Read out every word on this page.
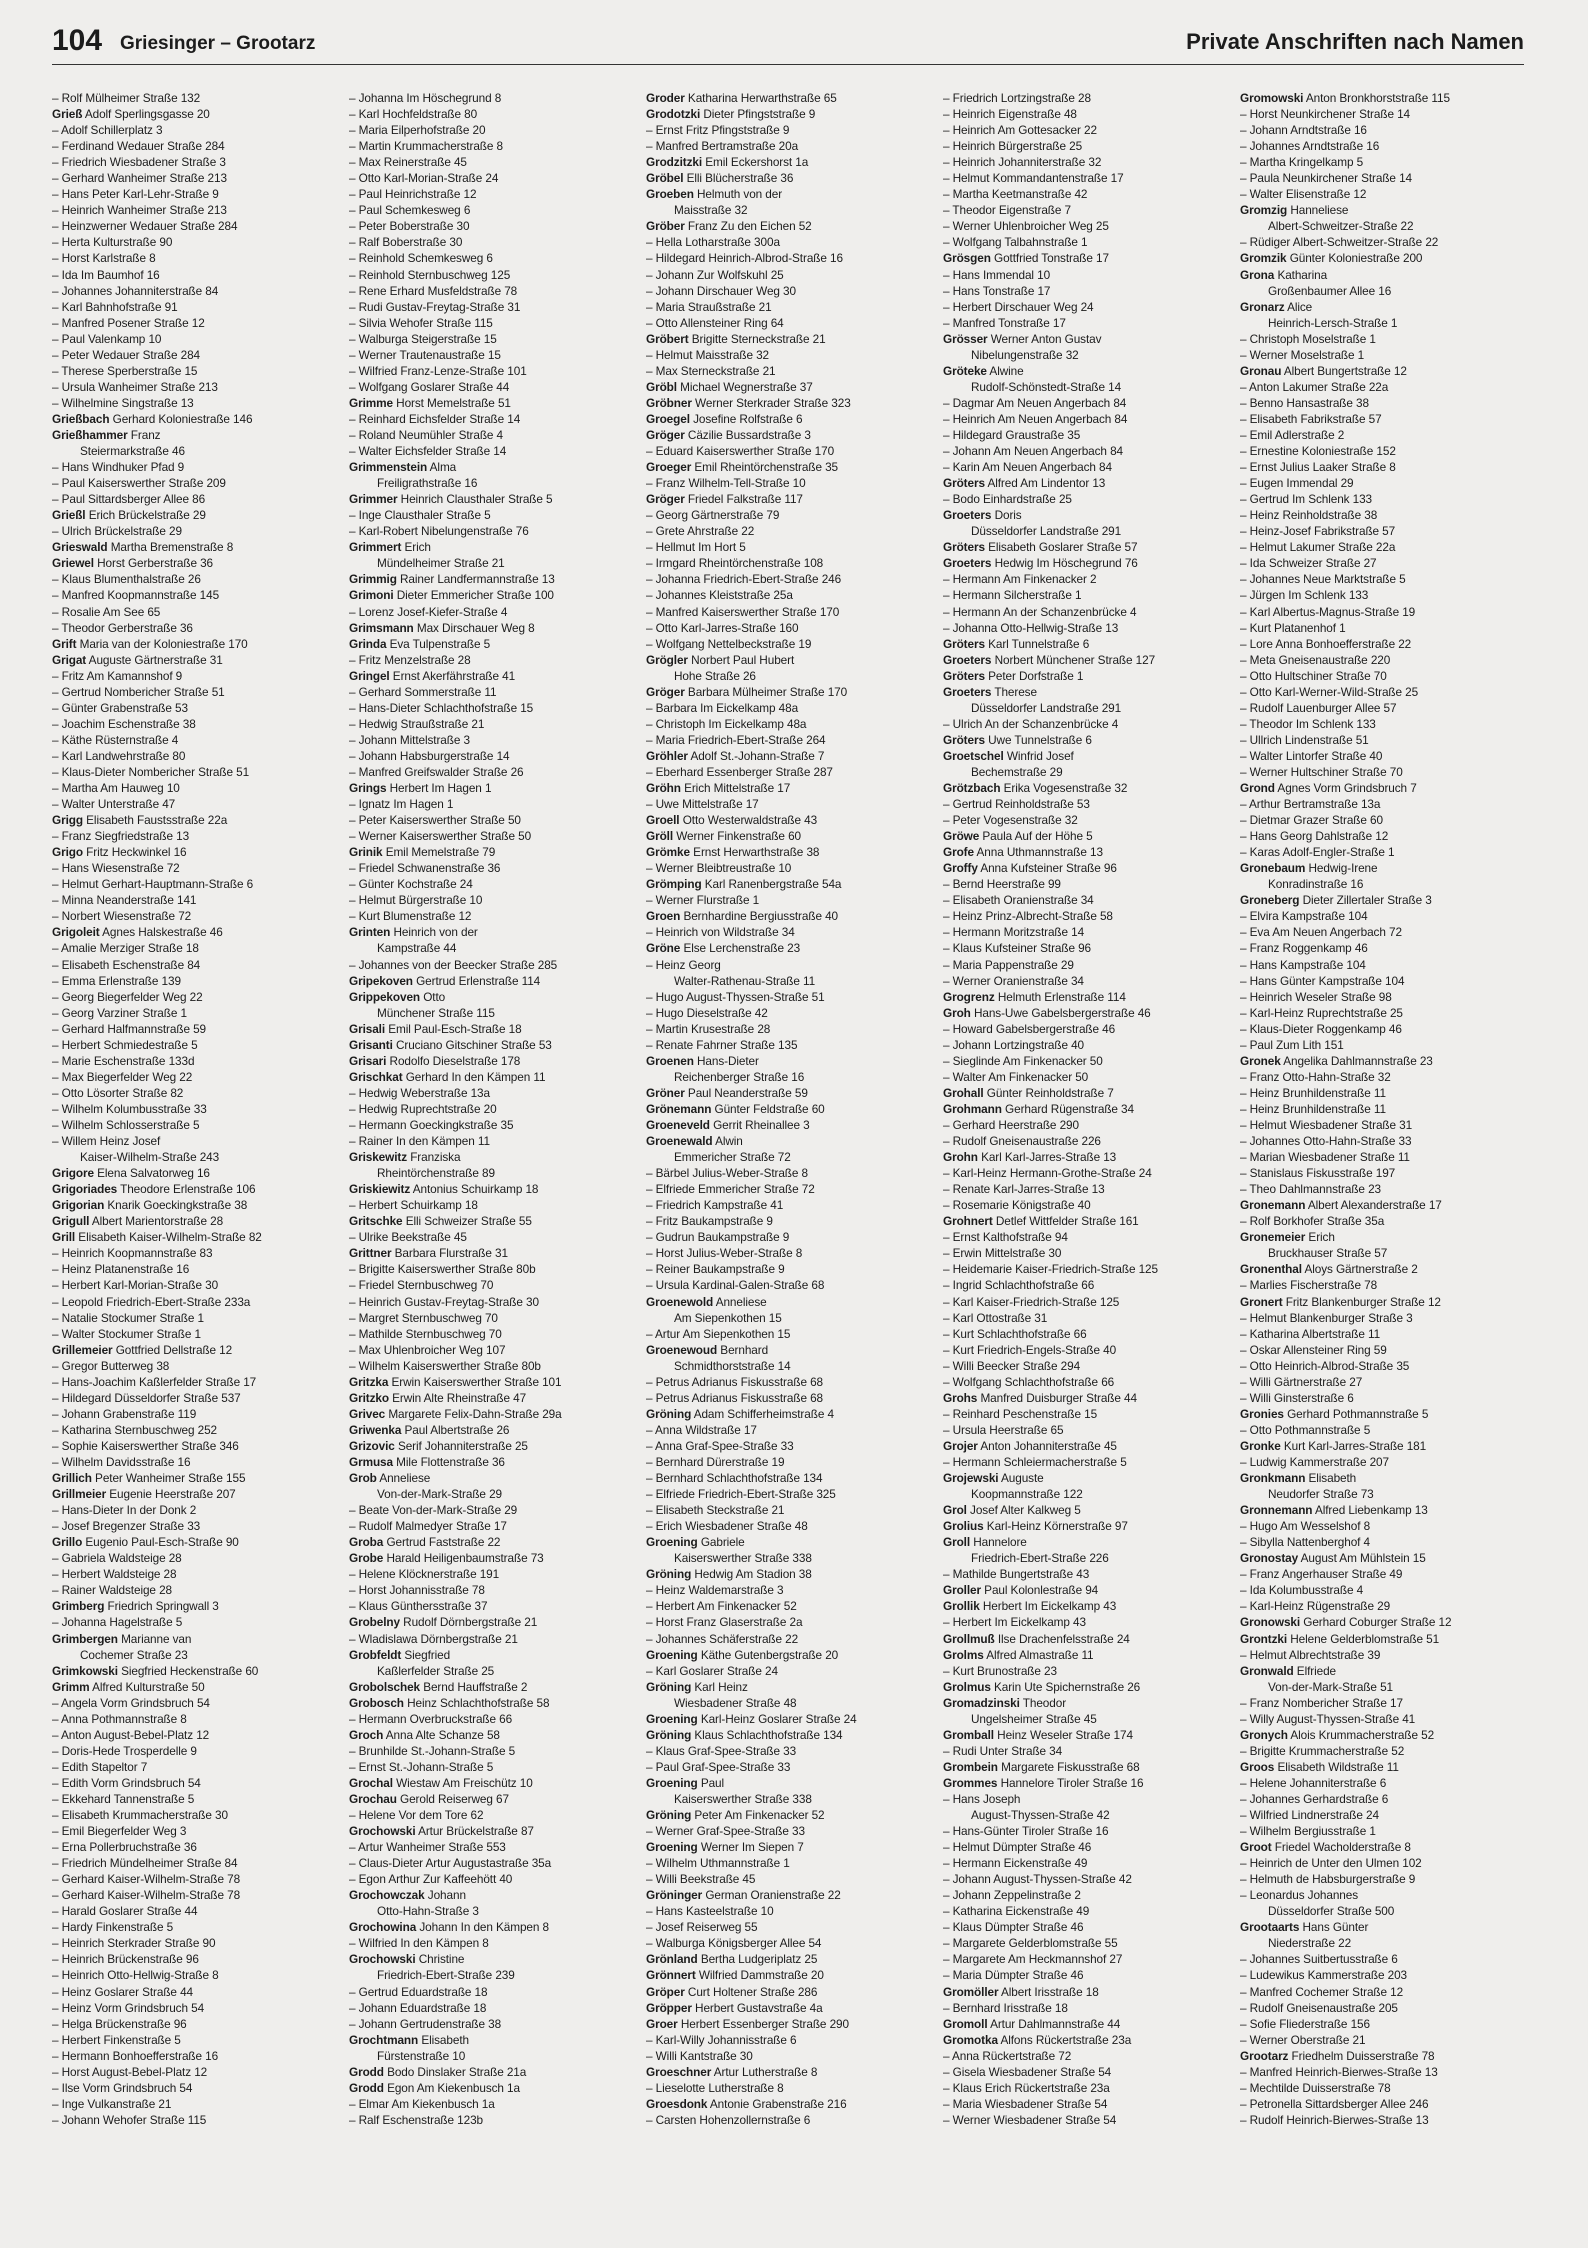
104 Griesinger – Grootarz	Private Anschriften nach Namen
– Rolf Mülheimer Straße 132
Grieß Adolf Sperlingsgasse 20
– Adolf Schillerplatz 3
– Ferdinand Wedauer Straße 284
– Friedrich Wiesbadener Straße 3
– Gerhard Wanheimer Straße 213
– Hans Peter Karl-Lehr-Straße 9
– Heinrich Wanheimer Straße 213
– Heinzwerner Wedauer Straße 284
– Herta Kulturstraße 90
– Horst Karlstraße 8
– Ida Im Baumhof 16
– Johannes Johanniterstraße 84
– Karl Bahnhofstraße 91
– Manfred Posener Straße 12
– Paul Valenkamp 10
– Peter Wedauer Straße 284
– Therese Sperberstraße 15
– Ursula Wanheimer Straße 213
– Wilhelmine Singstraße 13
Grießbach Gerhard Koloniestraße 146
Grießhammer Franz
Steiermarkstraße 46
– Hans Windhuker Pfad 9
– Paul Kaiserswerther Straße 209
– Paul Sittardsberger Allee 86
Grießl Erich Brückelstraße 29
– Ulrich Brückelstraße 29
Grieswald Martha Bremenstraße 8
Griewel Horst Gerberstraße 36
– Klaus Blumenthalstraße 26
– Manfred Koopmannstraße 145
– Rosalie Am See 65
– Theodor Gerberstraße 36
Grift Maria van der Koloniestraße 170
Grigat Auguste Gärtnerstraße 31
– Fritz Am Kamannshof 9
– Gertrud Nombericher Straße 51
– Günter Grabenstraße 53
– Joachim Eschenstraße 38
– Käthe Rüsternstraße 4
– Karl Landwehrstraße 80
– Klaus-Dieter Nombericher Straße 51
– Martha Am Hauweg 10
– Walter Unterstraße 47
Grigg Elisabeth Faustsstraße 22a
– Franz Siegfriedstraße 13
Grigo Fritz Heckwinkel 16
– Hans Wiesenstraße 72
– Helmut Gerhart-Hauptmann-Straße 6
– Minna Neanderstraße 141
– Norbert Wiesenstraße 72
Grigoleit Agnes Halskestraße 46
– Amalie Merziger Straße 18
– Elisabeth Eschenstraße 84
– Emma Erlenstraße 139
– Georg Biegerfelder Weg 22
– Georg Varziner Straße 1
– Gerhard Halfmannstraße 59
– Herbert Schmiedestraße 5
– Marie Eschenstraße 133d
– Max Biegerfelder Weg 22
– Otto Lösorter Straße 82
– Wilhelm Kolumbusstraße 33
– Wilhelm Schlosserstraße 5
– Willem Heinz Josef
Kaiser-Wilhelm-Straße 243
Grigore Elena Salvatorweg 16
Grigoriades Theodore Erlenstraße 106
Grigorian Knarik Goeckingkstraße 38
Grigull Albert Marientorstraße 28
Grill Elisabeth Kaiser-Wilhelm-Straße 82
– Heinrich Koopmannstraße 83
– Heinz Platanenstraße 16
– Herbert Karl-Morian-Straße 30
– Leopold Friedrich-Ebert-Straße 233a
– Natalie Stockumer Straße 1
– Walter Stockumer Straße 1
Grillemeier Gottfried Dellstraße 12
– Gregor Butterweg 38
– Hans-Joachim Kaßlerfelder Straße 17
– Hildegard Düsseldorfer Straße 537
– Johann Grabenstraße 119
– Katharina Sternbuschweg 252
– Sophie Kaiserswerther Straße 346
– Wilhelm Davidsstraße 16
Grillich Peter Wanheimer Straße 155
Grillmeier Eugenie Heerstraße 207
– Hans-Dieter In der Donk 2
– Josef Bregenzer Straße 33
Grillo Eugenio Paul-Esch-Straße 90
– Gabriela Waldsteige 28
– Herbert Waldsteige 28
– Rainer Waldsteige 28
Grimberg Friedrich Springwall 3
– Johanna Hagelstraße 5
Grimbergen Marianne van
Cochemer Straße 23
Grimkowski Siegfried Heckenstraße 60
Grimm Alfred Kulturstraße 50
– Angela Vorm Grindsbruch 54
– Anna Pothmannstraße 8
– Anton August-Bebel-Platz 12
– Doris-Hede Trosperdelle 9
– Edith Stapeltor 7
– Edith Vorm Grindsbruch 54
– Ekkehard Tannenstraße 5
– Elisabeth Krummacherstraße 30
– Emil Biegerfelder Weg 3
– Erna Pollerbruchstraße 36
– Friedrich Mündelheimer Straße 84
– Gerhard Kaiser-Wilhelm-Straße 78
– Gerhard Kaiser-Wilhelm-Straße 78
– Harald Goslarer Straße 44
– Hardy Finkenstraße 5
– Heinrich Sterkrader Straße 90
– Heinrich Brückenstraße 96
– Heinrich Otto-Hellwig-Straße 8
– Heinz Goslarer Straße 44
– Heinz Vorm Grindsbruch 54
– Helga Brückenstraße 96
– Herbert Finkenstraße 5
– Hermann Bonhoefferstraße 16
– Horst August-Bebel-Platz 12
– Ilse Vorm Grindsbruch 54
– Inge Vulkanstraße 21
– Johann Wehofer Straße 115
– Johanna Im Höschegrund 8
– Karl Hochfeldstraße 80
– Maria Eilperhofstraße 20
– Martin Krummacherstraße 8
– Max Reinerstraße 45
– Otto Karl-Morian-Straße 24
– Paul Heinrichstraße 12
– Paul Schemkesweg 6
– Peter Boberstraße 30
– Ralf Boberstraße 30
– Reinhold Schemkesweg 6
– Reinhold Sternbuschweg 125
– Rene Erhard Musfeldstraße 78
– Rudi Gustav-Freytag-Straße 31
– Silvia Wehofer Straße 115
– Walburga Steigerstraße 15
– Werner Trautenaustraße 15
– Wilfried Franz-Lenze-Straße 101
– Wolfgang Goslarer Straße 44
Grimme Horst Memelstraße 51
– Reinhard Eichsfelder Straße 14
– Roland Neumühler Straße 4
– Walter Eichsfelder Straße 14
Grimmenstein Alma
Freiligrathstraße 16
Grimmer Heinrich Clausthaler Straße 5
– Inge Clausthaler Straße 5
– Karl-Robert Nibelungenstraße 76
Grimmert Erich
Mündelheimer Straße 21
Grimmig Rainer Landfermannstraße 13
Grimoni Dieter Emmericher Straße 100
– Lorenz Josef-Kiefer-Straße 4
Grimsmann Max Dirschauer Weg 8
Grinda Eva Tulpenstraße 5
– Fritz Menzelstraße 28
Gringel Ernst Akerfährstraße 41
– Gerhard Sommerstraße 11
– Hans-Dieter Schlachthofstraße 15
– Hedwig Straußstraße 21
– Johann Mittelstraße 3
– Johann Habsburgerstraße 14
– Manfred Greifswalder Straße 26
Grings Herbert Im Hagen 1
– Ignatz Im Hagen 1
– Peter Kaiserswerther Straße 50
– Werner Kaiserswerther Straße 50
Grinik Emil Memelstraße 79
– Friedel Schwanenstraße 36
– Günter Kochstraße 24
– Helmut Bürgerstraße 10
– Kurt Blumenstraße 12
Grinten Heinrich von der
Kampstraße 44
– Johannes von der Beecker Straße 285
Gripekoven Gertrud Erlenstraße 114
Grippekoven Otto
Münchener Straße 115
Grisali Emil Paul-Esch-Straße 18
Grisanti Cruciano Gitschiner Straße 53
Grisari Rodolfo Dieselstraße 178
Grischkat Gerhard In den Kämpen 11
– Hedwig Weberstraße 13a
– Hedwig Ruprechtstraße 20
– Hermann Goeckingkstraße 35
– Rainer In den Kämpen 11
Griskewitz Franziska
Rheintörchenstraße 89
Griskiewitz Antonius Schuirkamp 18
– Herbert Schuirkamp 18
Gritschke Elli Schweizer Straße 55
– Ulrike Beekstraße 45
Grittner Barbara Flurstraße 31
– Brigitte Kaiserswerther Straße 80b
– Friedel Sternbuschweg 70
– Heinrich Gustav-Freytag-Straße 30
– Margret Sternbuschweg 70
– Mathilde Sternbuschweg 70
– Max Uhlenbroicher Weg 107
– Wilhelm Kaiserswerther Straße 80b
Gritzka Erwin Kaiserswerther Straße 101
Gritzko Erwin Alte Rheinstraße 47
Grivec Margarete Felix-Dahn-Straße 29a
Griwenka Paul Albertstraße 26
Grizovic Serif Johanniterstraße 25
Grmusa Mile Flottenstraße 36
Grob Anneliese
Von-der-Mark-Straße 29
– Beate Von-der-Mark-Straße 29
– Rudolf Malmedyer Straße 17
Groba Gertrud Faststraße 22
Grobe Harald Heiligenbaumstraße 73
– Helene Klöcknerstraße 191
– Horst Johannisstraße 78
– Klaus Günthersstraße 37
Grobelny Rudolf Dörnbergstraße 21
– Wladislawa Dörnbergstraße 21
Grobfeldt Siegfried
Kaßlerfelder Straße 25
Grobolschek Bernd Hauffstraße 2
Grobosch Heinz Schlachthofstraße 58
– Hermann Overbruckstraße 66
Groch Anna Alte Schanze 58
– Brunhilde St.-Johann-Straße 5
– Ernst St.-Johann-Straße 5
Grochal Wiestaw Am Freischütz 10
Grochau Gerold Reiserweg 67
– Helene Vor dem Tore 62
Grochowski Artur Brückelstraße 87
– Artur Wanheimer Straße 553
– Claus-Dieter Artur Augustastraße 35a
– Egon Arthur Zur Kaffeehött 40
Grochowczak Johann
Otto-Hahn-Straße 3
Grochowina Johann In den Kämpen 8
– Wilfried In den Kämpen 8
Grochowski Christine
Friedrich-Ebert-Straße 239
– Gertrud Eduardstraße 18
– Johann Eduardstraße 18
– Johann Gertrudenstraße 38
Grochtmann Elisabeth
Fürstenstraße 10
Grodd Bodo Dinslaker Straße 21a
Grodd Egon Am Kiekenbusch 1a
– Elmar Am Kiekenbusch 1a
– Ralf Eschenstraße 123b
Groder Katharina Herwarthstraße 65
Grodotzki Dieter Pfingststraße 9
– Ernst Fritz Pfingststraße 9
– Manfred Bertramstraße 20a
Grodzitzki Emil Eckershorst 1a
Gröbel Elli Blücherstraße 36
Groeben Helmuth von der
Maisstraße 32
Gröber Franz Zu den Eichen 52
– Hella Lotharstraße 300a
– Hildegard Heinrich-Albrod-Straße 16
– Johann Zur Wolfskuhl 25
– Johann Dirschauer Weg 30
– Maria Straußstraße 21
– Otto Allensteiner Ring 64
Gröbert Brigitte Sterneckstraße 21
– Helmut Maisstraße 32
– Max Sterneckstraße 21
Gröbl Michael Wegnerstraße 37
Gröbner Werner Sterkrader Straße 323
Groegel Josefine Rolfstraße 6
Gröger Cäzilie Bussardstraße 3
– Eduard Kaiserswerther Straße 170
Groeger Emil Rheintörchenstraße 35
– Franz Wilhelm-Tell-Straße 10
Gröger Friedel Falkstraße 117
– Georg Gärtnerstraße 79
– Grete Ahrstraße 22
– Hellmut Im Hort 5
– Irmgard Rheintörchenstraße 108
– Johanna Friedrich-Ebert-Straße 246
– Johannes Kleiststraße 25a
– Manfred Kaiserswerther Straße 170
– Otto Karl-Jarres-Straße 160
– Wolfgang Nettelbeckstraße 19
Grögler Norbert Paul Hubert
Hohe Straße 26
Gröger Barbara Mülheimer Straße 170
– Barbara Im Eickelkamp 48a
– Christoph Im Eickelkamp 48a
– Maria Friedrich-Ebert-Straße 264
Gröhler Adolf St.-Johann-Straße 7
– Eberhard Essenberger Straße 287
Gröhn Erich Mittelstraße 17
– Uwe Mittelstraße 17
Groell Otto Westerwaldstraße 43
Gröll Werner Finkenstraße 60
Grömke Ernst Herwarthstraße 38
– Werner Bleibtreustraße 10
Grömping Karl Ranenbergstraße 54a
– Werner Flurstraße 1
Groen Bernhardine Bergiusstraße 40
– Heinrich von Wildstraße 34
Gröne Else Lerchenstraße 23
– Heinz Georg
Walter-Rathenau-Straße 11
– Hugo August-Thyssen-Straße 51
– Hugo Dieselstraße 42
– Martin Krusestraße 28
– Renate Fahrner Straße 135
Groenen Hans-Dieter
Reichenberger Straße 16
Gröner Paul Neanderstraße 59
Grönemann Günter Feldstraße 60
Groeneveld Gerrit Rheinallee 3
Groenewald Alwin
Emmericher Straße 72
– Bärbel Julius-Weber-Straße 8
– Elfriede Emmericher Straße 72
– Friedrich Kampstraße 41
– Fritz Baukampstraße 9
– Gudrun Baukampstraße 9
– Horst Julius-Weber-Straße 8
– Reiner Baukampstraße 9
– Ursula Kardinal-Galen-Straße 68
Groenewold Anneliese
Am Siepenkothen 15
– Artur Am Siepenkothen 15
Groenewoud Bernhard
Schmidthorststraße 14
– Petrus Adrianus Fiskusstraße 68
– Petrus Adrianus Fiskusstraße 68
Gröning Adam Schifferheimstraße 4
– Anna Wildstraße 17
– Anna Graf-Spee-Straße 33
– Bernhard Dürerstraße 19
– Bernhard Schlachthofstraße 134
– Elfriede Friedrich-Ebert-Straße 325
– Elisabeth Steckstraße 21
– Erich Wiesbadener Straße 48
Groening Gabriele
Kaiserswerther Straße 338
Gröning Hedwig Am Stadion 38
– Heinz Waldemarstraße 3
– Herbert Am Finkenacker 52
– Horst Franz Glaserstraße 2a
– Johannes Schäferstraße 22
Groening Käthe Gutenbergstraße 20
– Karl Goslarer Straße 24
Gröning Karl Heinz
Wiesbadener Straße 48
Groening Karl-Heinz Goslarer Straße 24
Gröning Klaus Schlachthofstraße 134
– Klaus Graf-Spee-Straße 33
– Paul Graf-Spee-Straße 33
Groening Paul
Kaiserswerther Straße 338
Gröning Peter Am Finkenacker 52
– Werner Graf-Spee-Straße 33
Groening Werner Im Siepen 7
– Wilhelm Uthmannstraße 1
– Willi Beekstraße 45
Gröninger German Oranienstraße 22
– Hans Kasteelstraße 10
– Josef Reiserweg 55
– Walburga Königsberger Allee 54
Grönland Bertha Ludgeriplatz 25
Grönnert Wilfried Dammstraße 20
Gröper Curt Holtener Straße 286
Gröpper Herbert Gustavstraße 4a
Groer Herbert Essenberger Straße 290
– Karl-Willy Johannisstraße 6
– Willi Kantstraße 30
Groeschner Artur Lutherstraße 8
– Lieselotte Lutherstraße 8
Groesdonk Antonie Grabenstraße 216
– Carsten Hohenzollernstraße 6
– Friedrich Lortzingstraße 28
– Heinrich Eigenstraße 48
– Heinrich Am Gottesacker 22
– Heinrich Bürgerstraße 25
– Heinrich Johanniterstraße 32
– Helmut Kommandantenstraße 17
– Martha Keetmanstraße 42
– Theodor Eigenstraße 7
– Werner Uhlenbroicher Weg 25
– Wolfgang Talbahnstraße 1
Grösgen Gottfried Tonstraße 17
– Hans Immendal 10
– Hans Tonstraße 17
– Herbert Dirschauer Weg 24
– Manfred Tonstraße 17
Grösser Werner Anton Gustav
Nibelungenstraße 32
Gröteke Alwine
Rudolf-Schönstedt-Straße 14
– Dagmar Am Neuen Angerbach 84
– Heinrich Am Neuen Angerbach 84
– Hildegard Graustraße 35
– Johann Am Neuen Angerbach 84
– Karin Am Neuen Angerbach 84
Gröters Alfred Am Lindentor 13
– Bodo Einhardstraße 25
Groeters Doris
Düsseldorfer Landstraße 291
Gröters Elisabeth Goslarer Straße 57
Groeters Hedwig Im Höschegrund 76
– Hermann Am Finkenacker 2
– Hermann Silcherstraße 1
– Hermann An der Schanzenbrücke 4
– Johanna Otto-Hellwig-Straße 13
Gröters Karl Tunnelstraße 6
Groeters Norbert Münchener Straße 127
Gröters Peter Dorfstraße 1
Groeters Therese
Düsseldorfer Landstraße 291
– Ulrich An der Schanzenbrücke 4
Gröters Uwe Tunnelstraße 6
Groetschel Winfrid Josef
Bechemstraße 29
Grötzbach Erika Vogesenstraße 32
– Gertrud Reinholdstraße 53
– Peter Vogesenstraße 32
Gröwe Paula Auf der Höhe 5
Grofe Anna Uthmannstraße 13
Groffy Anna Kufsteiner Straße 96
– Bernd Heerstraße 99
– Elisabeth Oranienstraße 34
– Heinz Prinz-Albrecht-Straße 58
– Hermann Moritzstraße 14
– Klaus Kufsteiner Straße 96
– Maria Pappenstraße 29
– Werner Oranienstraße 34
Grogrenz Helmuth Erlenstraße 114
Groh Hans-Uwe Gabelsbergerstraße 46
– Howard Gabelsbergerstraße 46
– Johann Lortzingstraße 40
– Sieglinde Am Finkenacker 50
– Walter Am Finkenacker 50
Grohall Günter Reinholdstraße 7
Grohmann Gerhard Rügenstraße 34
– Gerhard Heerstraße 290
– Rudolf Gneisenaustraße 226
Grohn Karl Karl-Jarres-Straße 13
– Karl-Heinz Hermann-Grothe-Straße 24
– Renate Karl-Jarres-Straße 13
– Rosemarie Königstraße 40
Grohnert Detlef Wittfelder Straße 161
– Ernst Kalthofstraße 94
– Erwin Mittelstraße 30
– Heidemarie Kaiser-Friedrich-Straße 125
– Ingrid Schlachthofstraße 66
– Karl Kaiser-Friedrich-Straße 125
– Karl Ottostraße 31
– Kurt Schlachthofstraße 66
– Kurt Friedrich-Engels-Straße 40
– Willi Beecker Straße 294
– Wolfgang Schlachthofstraße 66
Grohs Manfred Duisburger Straße 44
– Reinhard Peschenstraße 15
– Ursula Heerstraße 65
Grojer Anton Johanniterstraße 45
– Hermann Schleiermacherstraße 5
Grojewski Auguste
Koopmannstraße 122
Grol Josef Alter Kalkweg 5
Grolius Karl-Heinz Körnerstraße 97
Groll Hannelore
Friedrich-Ebert-Straße 226
– Mathilde Bungertstraße 43
Groller Paul Kolonlestraße 94
Grollik Herbert Im Eickelkamp 43
– Herbert Im Eickelkamp 43
Grollmuß Ilse Drachenfelsstraße 24
Grolms Alfred Almastraße 11
– Kurt Brunostraße 23
Grolmus Karin Ute Spichernstraße 26
Gromadzinski Theodor
Ungelsheimer Straße 45
Gromball Heinz Weseler Straße 174
– Rudi Unter Straße 34
Grombein Margarete Fiskusstraße 68
Grommes Hannelore Tiroler Straße 16
– Hans Joseph
August-Thyssen-Straße 42
– Hans-Günter Tiroler Straße 16
– Helmut Dümpter Straße 46
– Hermann Eickenstraße 49
– Johann August-Thyssen-Straße 42
– Johann Zeppelinstraße 2
– Katharina Eickenstraße 49
– Klaus Dümpter Straße 46
– Margarete Gelderblomstraße 55
– Margarete Am Heckmannshof 27
– Maria Dümpter Straße 46
Gromöller Albert Irisstraße 18
– Bernhard Irisstraße 18
Gromoll Artur Dahlmannstraße 44
Gromotka Alfons Rückertstraße 23a
– Anna Rückertstraße 72
– Gisela Wiesbadener Straße 54
– Klaus Erich Rückertstraße 23a
– Maria Wiesbadener Straße 54
– Werner Wiesbadener Straße 54
Gromowski Anton Bronkhorststraße 115
– Horst Neunkirchener Straße 14
– Johann Arndtstraße 16
– Johannes Arndtstraße 16
– Martha Kringelkamp 5
– Paula Neunkirchener Straße 14
– Walter Elisenstraße 12
Gromzig Hanneliese
Albert-Schweitzer-Straße 22
– Rüdiger Albert-Schweitzer-Straße 22
Gromzik Günter Koloniestraße 200
Grona Katharina
Großenbaumer Allee 16
Gronarz Alice
Heinrich-Lersch-Straße 1
– Christoph Moselstraße 1
– Werner Moselstraße 1
Gronau Albert Bungertstraße 12
– Anton Lakumer Straße 22a
– Benno Hansastraße 38
– Elisabeth Fabrikstraße 57
– Emil Adlerstraße 2
– Ernestine Koloniestraße 152
– Ernst Julius Laaker Straße 8
– Eugen Immendal 29
– Gertrud Im Schlenk 133
– Heinz Reinholdstraße 38
– Heinz-Josef Fabrikstraße 57
– Helmut Lakumer Straße 22a
– Ida Schweizer Straße 27
– Johannes Neue Marktstraße 5
– Jürgen Im Schlenk 133
– Karl Albertus-Magnus-Straße 19
– Kurt Platanenhof 1
– Lore Anna Bonhoefferstraße 22
– Meta Gneisenaustraße 220
– Otto Hultschiner Straße 70
– Otto Karl-Werner-Wild-Straße 25
– Rudolf Lauenburger Allee 57
– Theodor Im Schlenk 133
– Ullrich Lindenstraße 51
– Walter Lintorfer Straße 40
– Werner Hultschiner Straße 70
Grond Agnes Vorm Grindsbruch 7
– Arthur Bertramstraße 13a
– Dietmar Grazer Straße 60
– Hans Georg Dahlstraße 12
– Karas Adolf-Engler-Straße 1
Gronebaum Hedwig-Irene
Konradinstraße 16
Groneberg Dieter Zillertaler Straße 3
– Elvira Kampstraße 104
– Eva Am Neuen Angerbach 72
– Franz Roggenkamp 46
– Hans Kampstraße 104
– Hans Günter Kampstraße 104
– Heinrich Weseler Straße 98
– Karl-Heinz Ruprechtstraße 25
– Klaus-Dieter Roggenkamp 46
– Paul Zum Lith 151
Gronek Angelika Dahlmannstraße 23
– Franz Otto-Hahn-Straße 32
– Heinz Brunhildenstraße 11
– Heinz Brunhildenstraße 11
– Helmut Wiesbadener Straße 31
– Johannes Otto-Hahn-Straße 33
– Marian Wiesbadener Straße 11
– Stanislaus Fiskusstraße 197
– Theo Dahlmannstraße 23
Gronemann Albert Alexanderstraße 17
– Rolf Borkhofer Straße 35a
Gronemeier Erich
Bruckhauser Straße 57
Gronenthal Aloys Gärtnerstraße 2
– Marlies Fischerstraße 78
Gronert Fritz Blankenburger Straße 12
– Helmut Blankenburger Straße 3
– Katharina Albertstraße 11
– Oskar Allensteiner Ring 59
– Otto Heinrich-Albrod-Straße 35
– Willi Gärtnerstraße 27
– Willi Ginsterstraße 6
Gronies Gerhard Pothmannstraße 5
– Otto Pothmannstraße 5
Gronke Kurt Karl-Jarres-Straße 181
– Ludwig Kammerstraße 207
Gronkmann Elisabeth
Neudorfer Straße 73
Gronnemann Alfred Liebenkamp 13
– Hugo Am Wesselshof 8
– Sibylla Nattenberghof 4
Gronostay August Am Mühlstein 15
– Franz Angerhauser Straße 49
– Ida Kolumbusstraße 4
– Karl-Heinz Rügenstraße 29
Gronowski Gerhard Coburger Straße 12
Grontzki Helene Gelderblomstraße 51
– Helmut Albrechtstraße 39
Gronwald Elfriede
Von-der-Mark-Straße 51
– Franz Nombericher Straße 17
– Willy August-Thyssen-Straße 41
Gronych Alois Krummacherstraße 52
– Brigitte Krummacherstraße 52
Groos Elisabeth Wildstraße 11
– Helene Johanniterstraße 6
– Johannes Gerhardstraße 6
– Wilfried Lindnerstraße 24
– Wilhelm Bergiusstraße 1
Groot Friedel Wacholderstraße 8
– Heinrich de Unter den Ulmen 102
– Helmuth de Habsburgerstraße 9
– Leonardus Johannes
Düsseldorfer Straße 500
Grootaarts Hans Günter
Niederstraße 22
– Johannes Suitbertusstraße 6
– Ludewikus Kammerstraße 203
– Manfred Cochemer Straße 12
– Rudolf Gneisenaustraße 205
– Sofie Fliederstraße 156
– Werner Oberstraße 21
Grootarz Friedhelm Duisserstraße 78
– Manfred Heinrich-Bierwes-Straße 13
– Mechtilde Duisserstraße 78
– Petronella Sittardsberger Allee 246
– Rudolf Heinrich-Bierwes-Straße 13
